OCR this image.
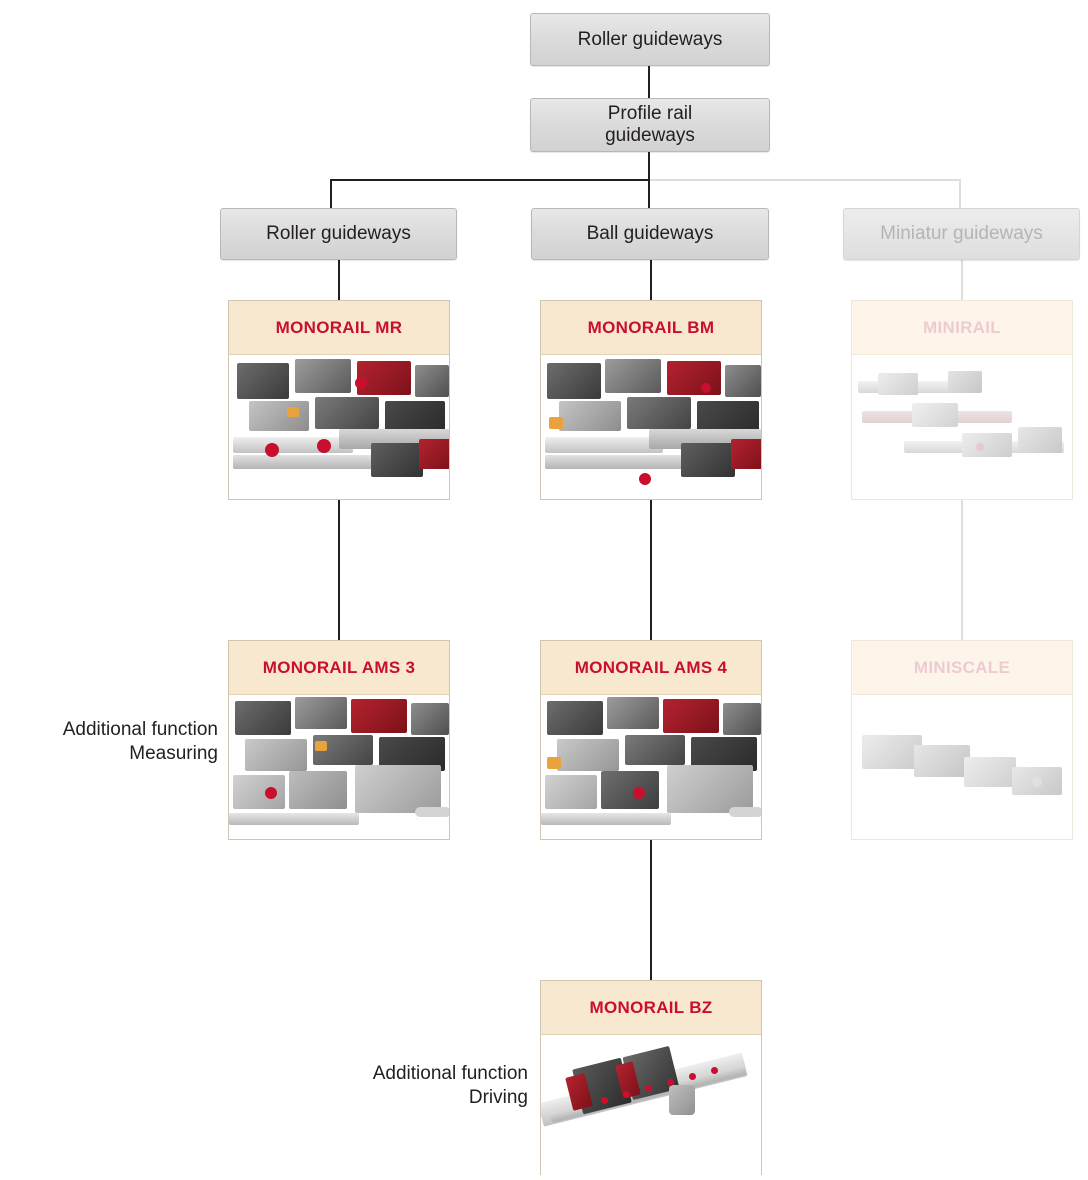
Roller guideways
Profile rail
guideways
Roller guideways	Ball guideways	Miniatur guideways
MONORAIL MR	MONORAIL BM	MINIRAIL
MONORAIL AMS 3	MONORAIL AMS 4	MINISCALE
MONORAIL BZ
Additional function
Measuring
Additional function
Driving
